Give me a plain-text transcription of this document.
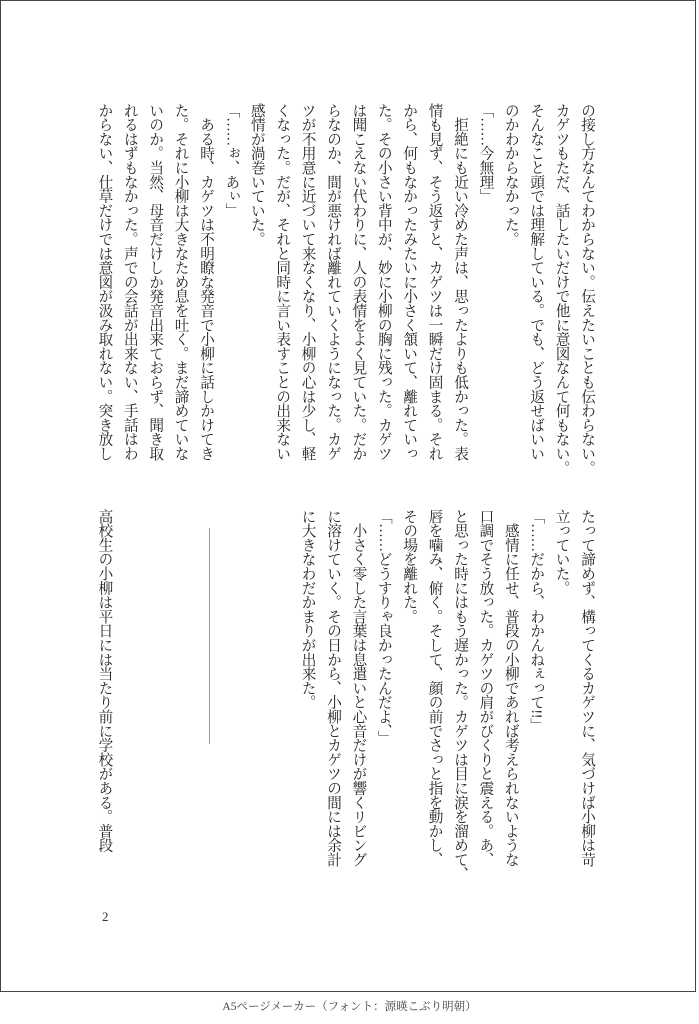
の接し方なんてわからない。伝えたいことも伝わらない。
カゲツもただ、話したいだけで他に意図なんて何もない。
そんなこと頭では理解している。でも、どう返せばいい
のかわからなかった。
「……今無理」
　拒絶にも近い冷めた声は、思ったよりも低かった。表
情も見ず、そう返すと、カゲツは一瞬だけ固まる。それ
から、何もなかったみたいに小さく頷いて、離れていっ
た。その小さい背中が、妙に小柳の胸に残った。カゲツ
は聞こえない代わりに、人の表情をよく見ていた。だか
らなのか、間が悪ければ離れていくようになった。カゲ
ツが不用意に近づいて来なくなり、小柳の心は少し、軽
くなった。だが、それと同時に言い表すことの出来ない
感情が渦巻いていた。
「……ぉ、あぃ」
　ある時、カゲツは不明瞭な発音で小柳に話しかけてき
た。それに小柳は大きなため息を吐く。まだ諦めていな
いのか。当然、母音だけしか発音出来ておらず、聞き取
れるはずもなかった。声での会話が出来ない、手話はわ
からない、仕草だけでは意図が汲み取れない。突き放し
高校生の小柳は平日には当たり前に学校がある。普段	たって諦めず、構ってくるカゲツに、気づけば小柳は苛
立っていた。
「……だから、わかんねぇって!!」
　感情に任せ、普段の小柳であれば考えられないような
口調でそう放った。カゲツの肩がびくりと震える。あ、
と思った時にはもう遅かった。カゲツは目に涙を溜めて、
唇を噛み、俯く。そして、顔の前でさっと指を動かし、
その場を離れた。
「……どうすりゃ良かったんだよ、」
　小さく零した言葉は息遣いと心音だけが響くリビング
に溶けていく。その日から、小柳とカゲツの間には余計
に大きなわだかまりが出来た。
2
A5ページメーカー（フォント：源暎こぶり明朝）
